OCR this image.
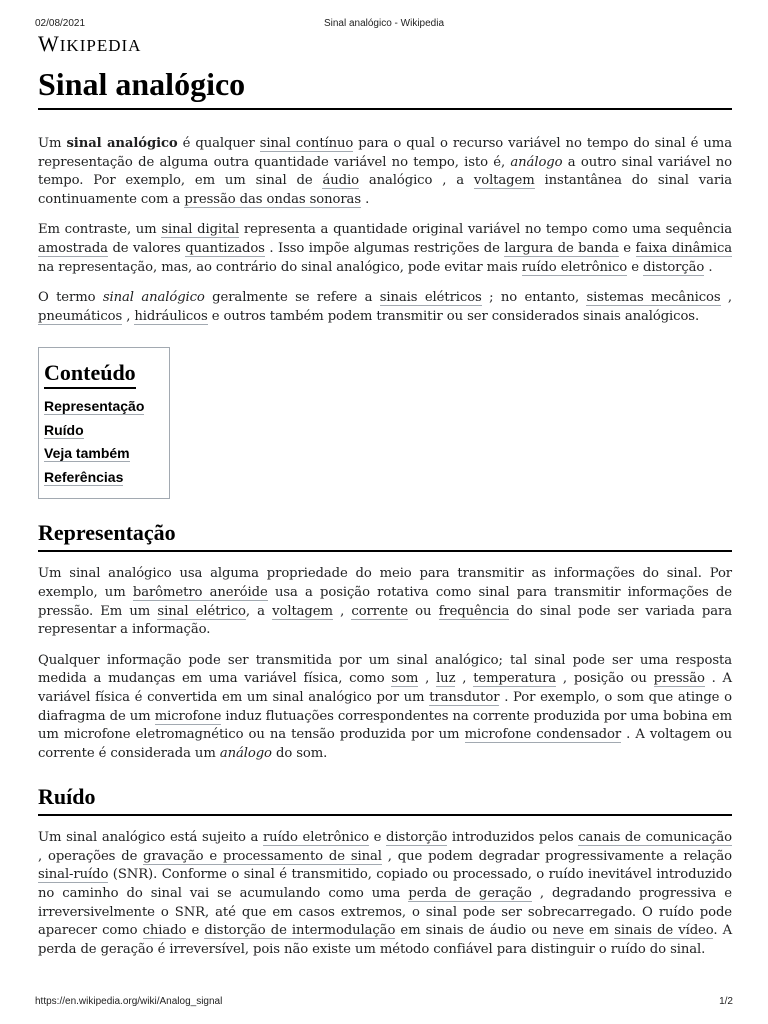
02/08/2021	Sinal analógico - Wikipedia
WIKIPEDIA
Sinal analógico

Um sinal analógico é qualquer sinal contínuo para o qual o recurso variável no tempo do sinal é uma representação de alguma outra quantidade variável no tempo, isto é, análogo a outro sinal variável no tempo. Por exemplo, em um sinal de áudio analógico , a voltagem instantânea do sinal varia continuamente com a pressão das ondas sonoras .

Em contraste, um sinal digital representa a quantidade original variável no tempo como uma sequência amostrada de valores quantizados . Isso impõe algumas restrições de largura de banda e faixa dinâmica na representação, mas, ao contrário do sinal analógico, pode evitar mais ruído eletrônico e distorção .

O termo sinal analógico geralmente se refere a sinais elétricos ; no entanto, sistemas mecânicos , pneumáticos , hidráulicos e outros também podem transmitir ou ser considerados sinais analógicos.

Conteúdo
Representação
Ruído
Veja também
Referências
Representação

Um sinal analógico usa alguma propriedade do meio para transmitir as informações do sinal. Por exemplo, um barômetro aneróide usa a posição rotativa como sinal para transmitir informações de pressão. Em um sinal elétrico, a voltagem , corrente ou frequência do sinal pode ser variada para representar a informação.

Qualquer informação pode ser transmitida por um sinal analógico; tal sinal pode ser uma resposta medida a mudanças em uma variável física, como som , luz , temperatura , posição ou pressão . A variável física é convertida em um sinal analógico por um transdutor . Por exemplo, o som que atinge o diafragma de um microfone induz flutuações correspondentes na corrente produzida por uma bobina em um microfone eletromagnético ou na tensão produzida por um microfone condensador . A voltagem ou corrente é considerada um análogo do som.

Ruído

Um sinal analógico está sujeito a ruído eletrônico e distorção introduzidos pelos canais de comunicação , operações de gravação e processamento de sinal , que podem degradar progressivamente a relação sinal-ruído (SNR). Conforme o sinal é transmitido, copiado ou processado, o ruído inevitável introduzido no caminho do sinal vai se acumulando como uma perda de geração , degradando progressiva e irreversivelmente o SNR, até que em casos extremos, o sinal pode ser sobrecarregado. O ruído pode aparecer como chiado e distorção de intermodulação em sinais de áudio ou neve em sinais de vídeo. A perda de geração é irreversível, pois não existe um método confiável para distinguir o ruído do sinal.

https://en.wikipedia.org/wiki/Analog_signal	1/2
